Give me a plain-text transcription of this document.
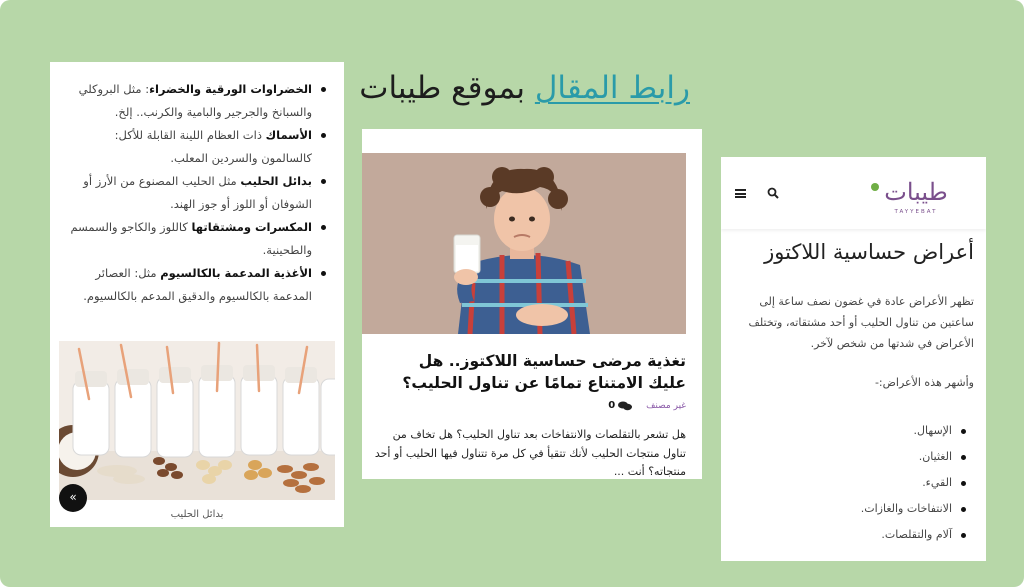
الخضراوات الورقية والخضراء: مثل البروكلي والسبانخ والجرجير والبامية والكرنب.. إلخ.
الأسماك ذات العظام اللينة القابلة للأكل: كالسالمون والسردين المعلب.
بدائل الحليب مثل الحليب المصنوع من الأرز أو الشوفان أو اللوز أو جوز الهند.
المكسرات ومشتقاتها كاللوز والكاجو والسمسم والطحينية.
الأغذية المدعمة بالكالسيوم مثل: العصائر المدعمة بالكالسيوم والدقيق المدعم بالكالسيوم.
«
بدائل الحليب
رابط المقال بموقع طيبات
تغذية مرضى حساسية اللاكتوز.. هل عليك الامتناع تمامًا عن تناول الحليب؟
غير مصنف
0
هل تشعر بالتقلصات والانتفاخات بعد تناول الحليب؟ هل تخاف من تناول منتجات الحليب لأنك تتقيأ في كل مرة تتناول فيها الحليب أو أحد منتجاته؟ أنت ...
طيبات
TAYYEBAT
أعراض حساسية اللاكتوز
تظهر الأعراض عادة في غضون نصف ساعة إلى ساعتين من تناول الحليب أو أحد مشتقاته، وتختلف الأعراض في شدتها من شخص لآخر.
وأشهر هذه الأعراض:-
الإسهال.
الغثيان.
القيء.
الانتفاخات والغازات.
آلام والتقلصات.
